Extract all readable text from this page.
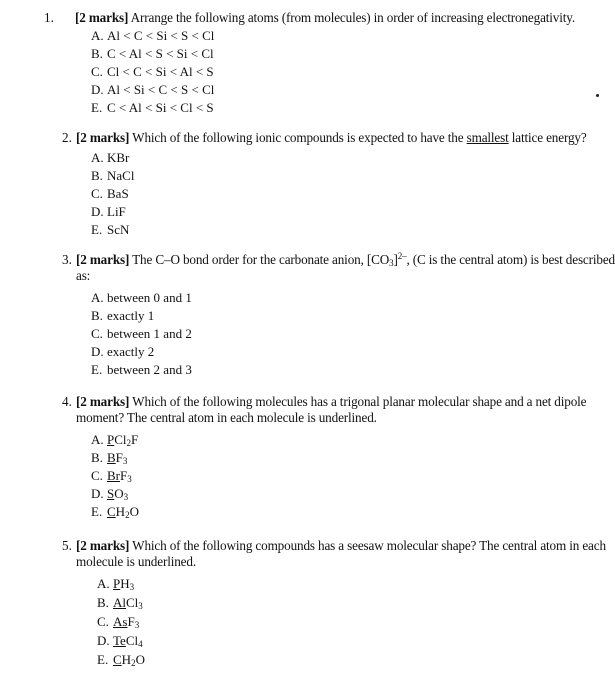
1. [2 marks] Arrange the following atoms (from molecules) in order of increasing electronegativity.
A. Al < C < Si < S < Cl
B. C < Al < S < Si < Cl
C. Cl < C < Si < Al < S
D. Al < Si < C < S < Cl
E. C < Al < Si < Cl < S
2. [2 marks] Which of the following ionic compounds is expected to have the smallest lattice energy?
A. KBr
B. NaCl
C. BaS
D. LiF
E. ScN
3. [2 marks] The C–O bond order for the carbonate anion, $[CO_3]^{2-}$, (C is the central atom) is best described
as:
A. between 0 and 1
B. exactly 1
C. between 1 and 2
D. exactly 2
E. between 2 and 3
4. [2 marks] Which of the following molecules has a trigonal planar molecular shape and a net dipole
moment? The central atom in each molecule is underlined.
A. PCl$_2$F
B. $BF_3$
C. BrF$_3$
D. $SO_3$
E. $CH_2O$
5. [2 marks] Which of the following compounds has a seesaw molecular shape? The central atom in each
molecule is underlined.
A. $PH_3$
B. AlCl$_3$
C. AsF$_3$
D. TeCl$_4$
E. $CH_2O$
